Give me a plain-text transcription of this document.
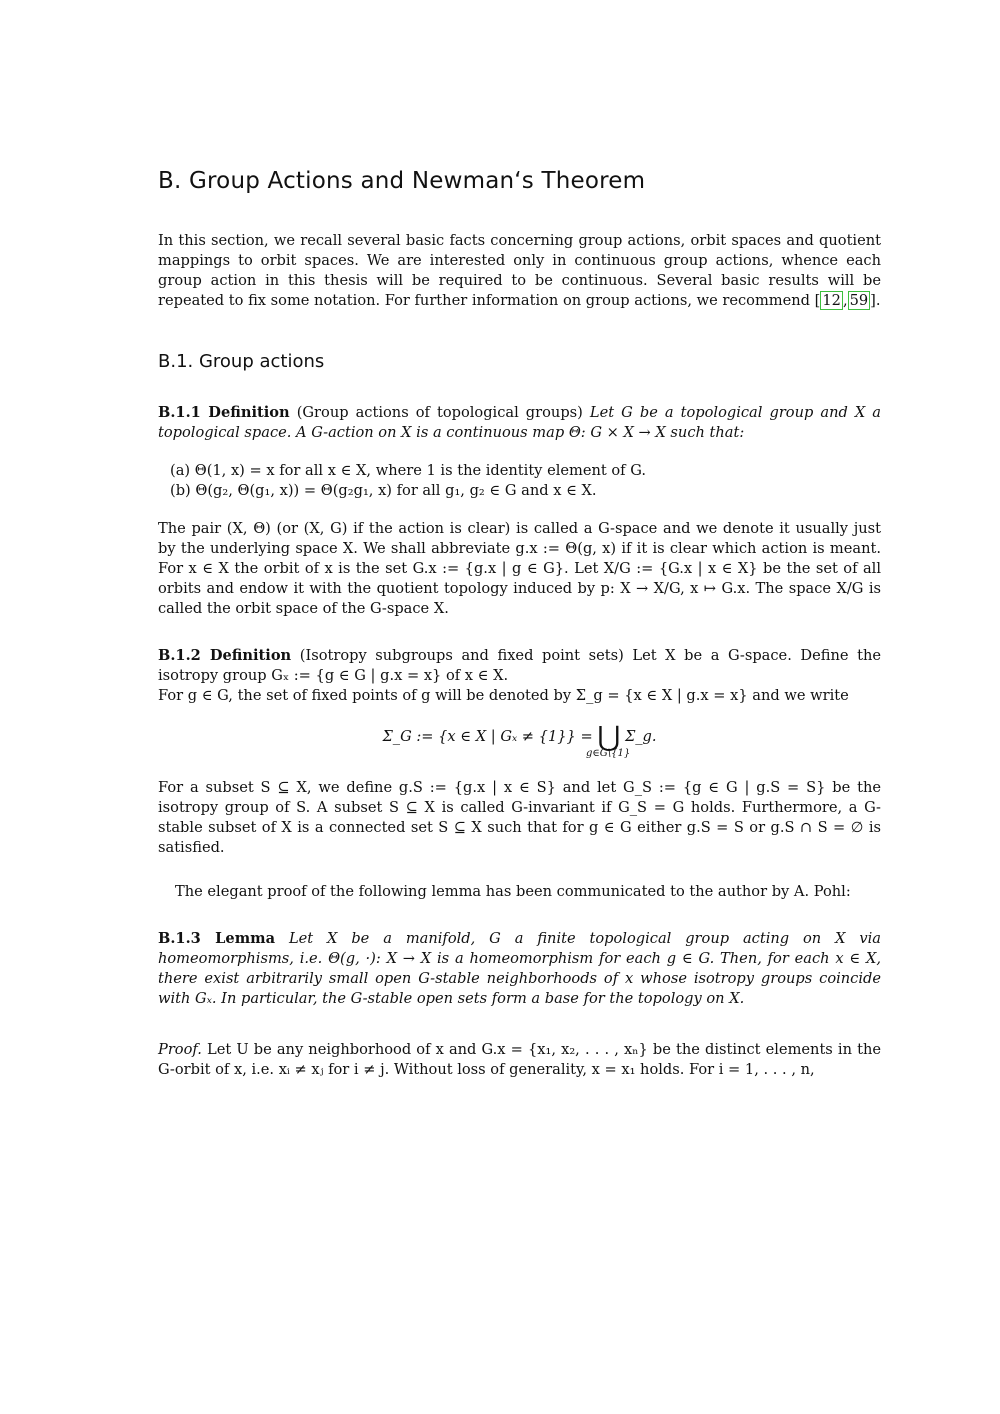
B. Group Actions and Newman‘s Theorem

In this section, we recall several basic facts concerning group actions, orbit spaces and quotient mappings to orbit spaces. We are interested only in continuous group actions, whence each group action in this thesis will be required to be continuous. Several basic results will be repeated to fix some notation. For further information on group actions, we recommend [ 12 , 59 ].

B.1. Group actions

B.1.1 Definition (Group actions of topological groups) Let G be a topological group and X a topological space. A G-action on X is a continuous map Θ: G × X → X such that:

(a) Θ(1, x) = x for all x ∈ X, where 1 is the identity element of G.
(b) Θ(g₂, Θ(g₁, x)) = Θ(g₂g₁, x) for all g₁, g₂ ∈ G and x ∈ X.

The pair (X, Θ) (or (X, G) if the action is clear) is called a G-space and we denote it usually just by the underlying space X. We shall abbreviate g.x := Θ(g, x) if it is clear which action is meant. For x ∈ X the orbit of x is the set G.x := {g.x | g ∈ G}. Let X/G := {G.x | x ∈ X} be the set of all orbits and endow it with the quotient topology induced by p: X → X/G, x ↦ G.x. The space X/G is called the orbit space of the G-space X.

B.1.2 Definition (Isotropy subgroups and fixed point sets) Let X be a G-space. Define the isotropy group Gₓ := {g ∈ G | g.x = x} of x ∈ X.

For g ∈ G, the set of fixed points of g will be denoted by Σ_g = {x ∈ X | g.x = x} and we write

Σ_G := {x ∈ X | Gₓ ≠ {1}} = ⋃ Σ_g.
g∈G\{1}

For a subset S ⊆ X, we define g.S := {g.x | x ∈ S} and let G_S := {g ∈ G | g.S = S} be the isotropy group of S. A subset S ⊆ X is called G-invariant if G_S = G holds. Furthermore, a G-stable subset of X is a connected set S ⊆ X such that for g ∈ G either g.S = S or g.S ∩ S = ∅ is satisfied.

The elegant proof of the following lemma has been communicated to the author by A. Pohl:

B.1.3 Lemma Let X be a manifold, G a finite topological group acting on X via homeomorphisms, i.e. Θ(g, ·): X → X is a homeomorphism for each g ∈ G. Then, for each x ∈ X, there exist arbitrarily small open G-stable neighborhoods of x whose isotropy groups coincide with Gₓ. In particular, the G-stable open sets form a base for the topology on X.

Proof. Let U be any neighborhood of x and G.x = {x₁, x₂, . . . , xₙ} be the distinct elements in the G-orbit of x, i.e. xᵢ ≠ xⱼ for i ≠ j. Without loss of generality, x = x₁ holds. For i = 1, . . . , n,
